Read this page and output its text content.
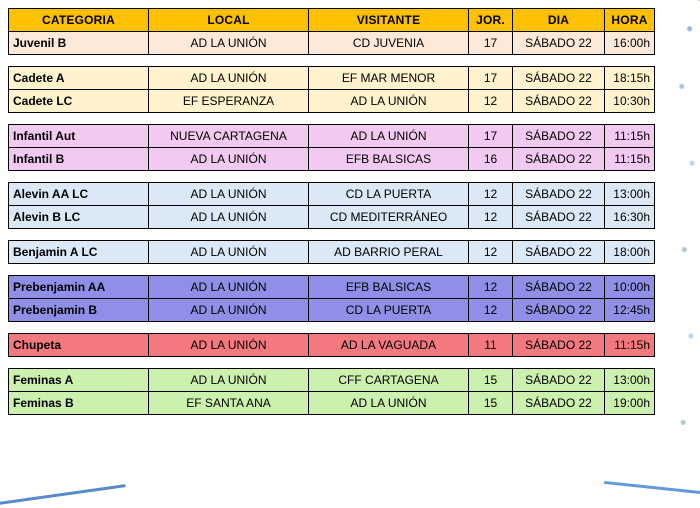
CATEGORIA	LOCAL	VISITANTE	JOR.	DIA	HORA
Juvenil B	AD LA UNIÓN	CD JUVENIA	17	SÁBADO 22	16:00h

Cadete A	AD LA UNIÓN	EF MAR MENOR	17	SÁBADO 22	18:15h
Cadete LC	EF ESPERANZA	AD LA UNIÓN	12	SÁBADO 22	10:30h

Infantil Aut	NUEVA CARTAGENA	AD LA UNIÓN	17	SÁBADO 22	11:15h
Infantil B	AD LA UNIÓN	EFB BALSICAS	16	SÁBADO 22	11:15h

Alevin AA LC	AD LA UNIÓN	CD LA PUERTA	12	SÁBADO 22	13:00h
Alevin B LC	AD LA UNIÓN	CD MEDITERRÁNEO	12	SÁBADO 22	16:30h

Benjamin A LC	AD LA UNIÓN	AD BARRIO PERAL	12	SÁBADO 22	18:00h

Prebenjamin AA	AD LA UNIÓN	EFB BALSICAS	12	SÁBADO 22	10:00h
Prebenjamin B	AD LA UNIÓN	CD LA PUERTA	12	SÁBADO 22	12:45h

Chupeta	AD LA UNIÓN	AD LA VAGUADA	11	SÁBADO 22	11:15h

Feminas A	AD LA UNIÓN	CFF CARTAGENA	15	SÁBADO 22	13:00h
Feminas B	EF SANTA ANA	AD LA UNIÓN	15	SÁBADO 22	19:00h
